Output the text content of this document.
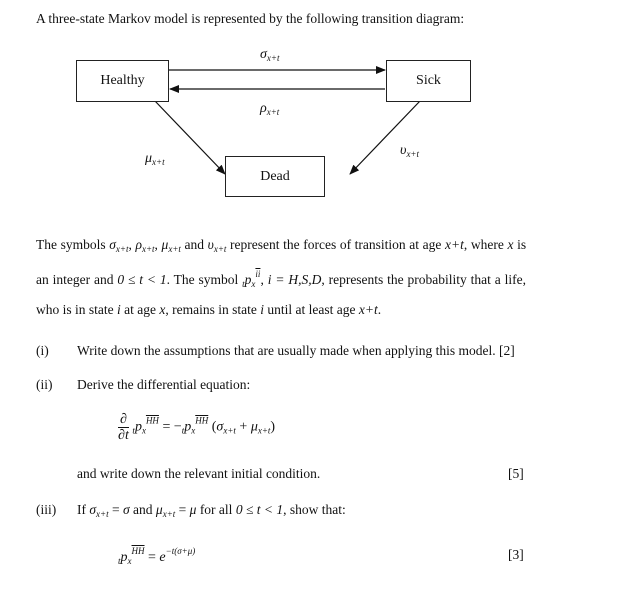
A three-state Markov model is represented by the following transition diagram:
Healthy	Sick
Dead
$\sigma_{x+t}$
$\rho_{x+t}$
$\mu_{x+t}$
$\upsilon_{x+t}$
The symbols $\sigma_{x+t}$, $\rho_{x+t}$, $\mu_{x+t}$ and $\upsilon_{x+t}$ represent the forces of transition at age x+t, where x is an integer and 0 ≤ t < 1. The symbol $_tp_x^{\overline{ii}}$, i = H,S,D, represents the probability that a life, who is in state i at age x, remains in state i until at least age x+t.
(i) Write down the assumptions that are usually made when applying this model. [2]
(ii) Derive the differential equation:
∂
∂t $_tp_x^{\overline{HH}} = -_tp_x^{\overline{HH}}$ $(\sigma_{x+t} + \mu_{x+t})$
and write down the relevant initial condition.	[5]
(iii) If $\sigma_{x+t} = \sigma$ and $\mu_{x+t} = \mu$ for all 0 ≤ t < 1, show that:
$_tp_x^{\overline{HH}} = e^{-t(\sigma+\mu)}$	[3]
